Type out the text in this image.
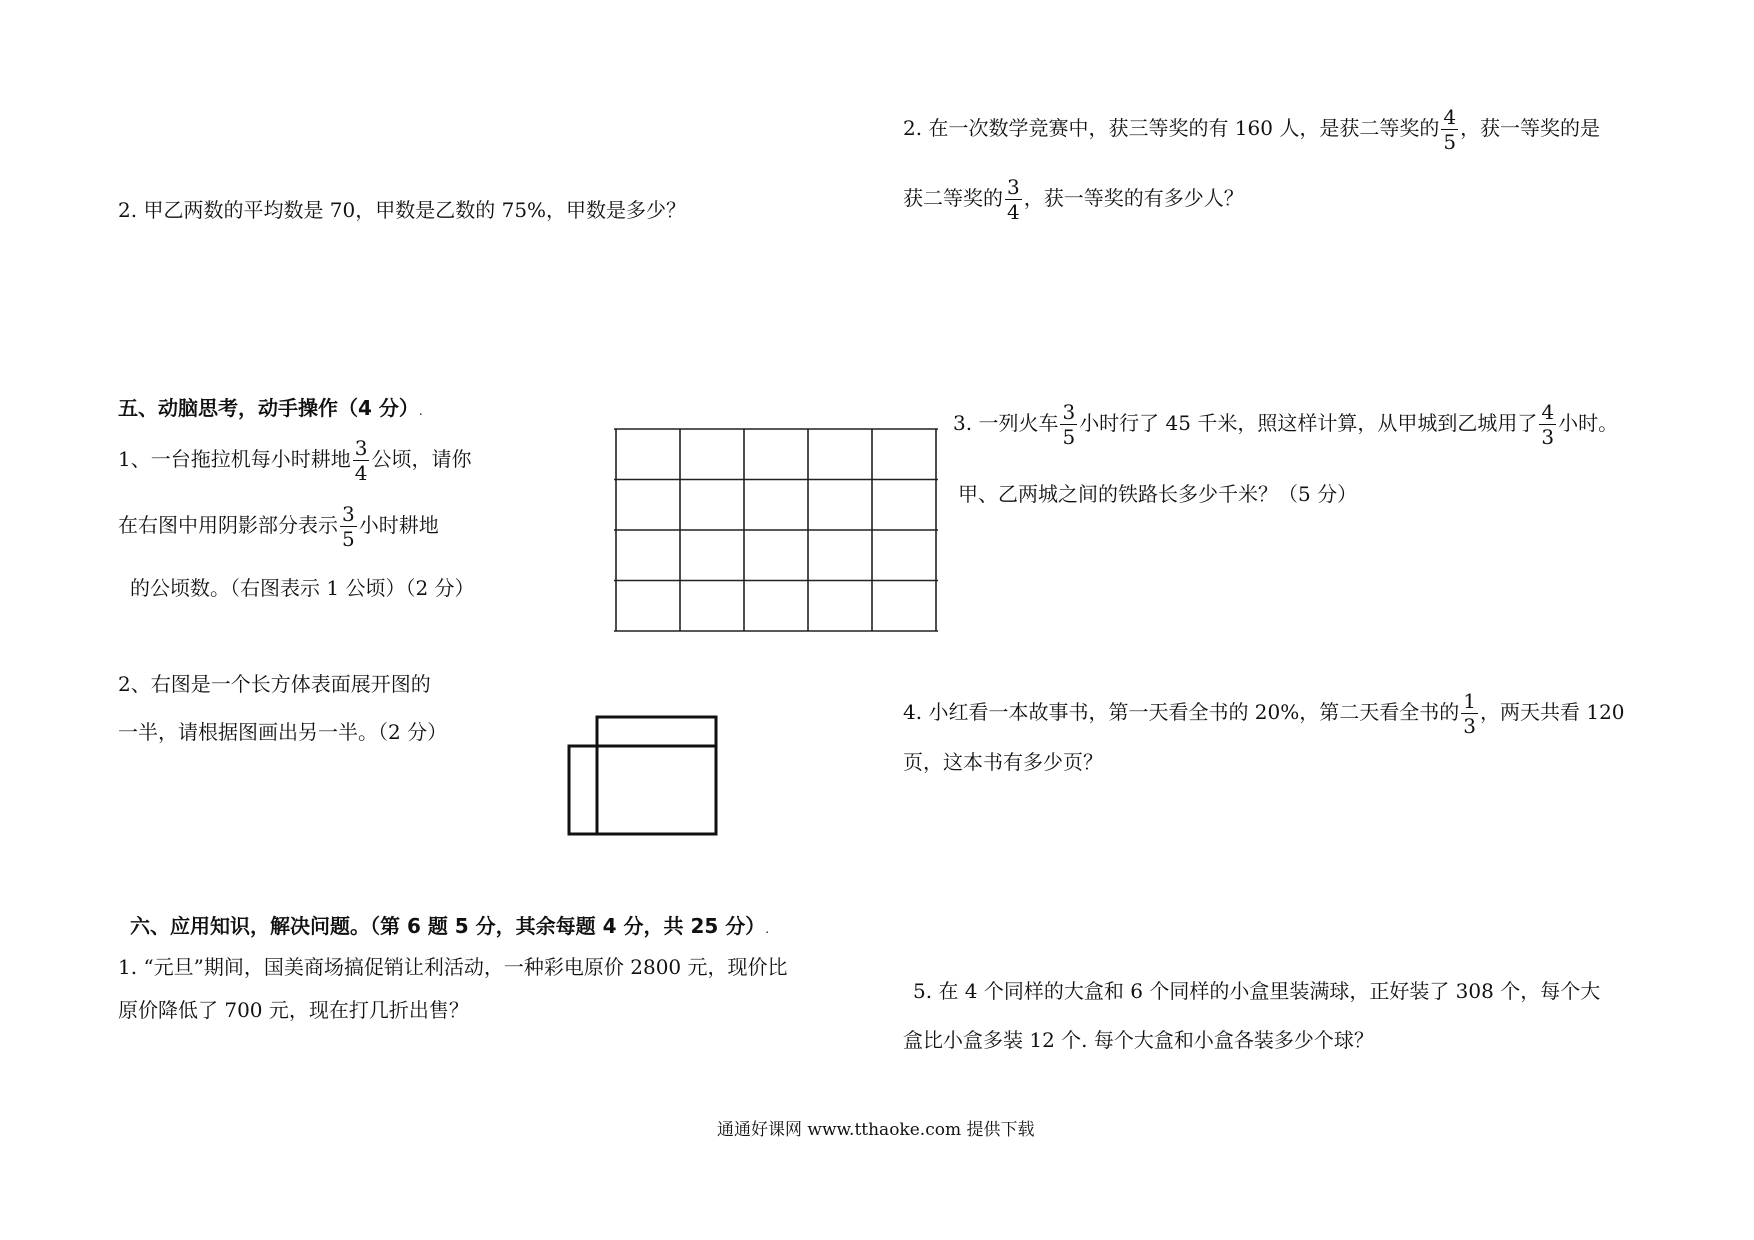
2. 甲乙两数的平均数是 70，甲数是乙数的 75%，甲数是多少？
五、动脑思考，动手操作（4 分）.
1、一台拖拉机每小时耕地 $\frac{3}{4}$ 公顷，请你
在右图中用阴影部分表示 $\frac{3}{5}$ 小时耕地
的公顷数。（右图表示 1 公顷）（2 分）
2、右图是一个长方体表面展开图的
一半，请根据图画出另一半。（2 分）
六、应用知识，解决问题。（第 6 题 5 分，其余每题 4 分，共 25 分）.
1. “元旦”期间，国美商场搞促销让利活动，一种彩电原价 2800 元，现价比
原价降低了 700 元，现在打几折出售？
2. 在一次数学竞赛中，获三等奖的有 160 人，是获二等奖的 $\frac{4}{5}$ ，获一等奖的是
获二等奖的 $\frac{3}{4}$ ，获一等奖的有多少人？
3. 一列火车 $\frac{3}{5}$ 小时行了 45 千米，照这样计算，从甲城到乙城用了 $\frac{4}{3}$ 小时。
甲、乙两城之间的铁路长多少千米？（5 分）
4. 小红看一本故事书，第一天看全书的 20%，第二天看全书的 $\frac{1}{3}$ ，两天共看 120
页，这本书有多少页？
5. 在 4 个同样的大盒和 6 个同样的小盒里装满球，正好装了 308 个，每个大
盒比小盒多装 12 个. 每个大盒和小盒各装多少个球？
通通好课网 www.tthaoke.com 提供下载
